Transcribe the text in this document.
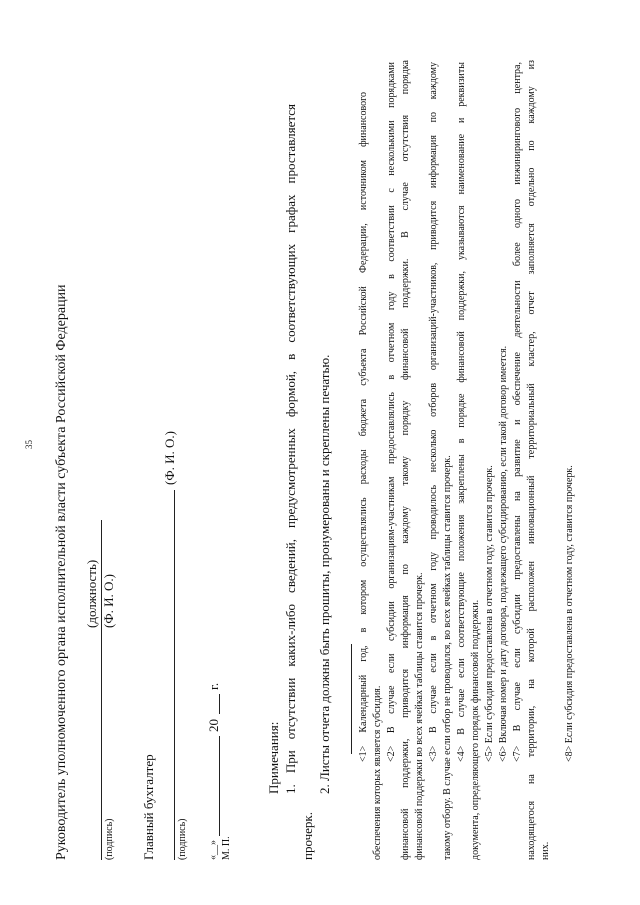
35 Руководитель уполномоченного органа исполнительной власти субъекта Российской Федерации (должность) (Ф. И. О.)
(подпись) Главный бухгалтер
(Ф. И. О.)
(подпись) «__»
20
г.
М. П.
Примечания: 1. При отсутствии каких-либо сведений, предусмотренных формой, в соответствующих графах проставляется
прочерк.
2. Листы отчета должны быть прошиты, пронумерованы и скреплены печатью.	<1> Календарный год, в котором осуществлялись расходы бюджета субъекта Российской Федерации, источником финансового
обеспечения которых является субсидия.
<2> В случае если субсидии организациям-участникам предоставлялись в отчетном году в соответствии с несколькими порядками финансовой поддержки, приводится информация по каждому такому порядку финансовой поддержки. В случае отсутствия порядка финансовой поддержки во всех ячейках таблицы ставится прочерк. <3> В случае если в отчетном году проводилось несколько отборов организаций-участников, приводится информация по каждому такому отбору. В случае если отбор не проводился, во всех ячейках таблицы ставится прочерк. <4> В случае если соответствующие положения закреплены в порядке финансовой поддержки, указываются наименование и реквизиты документа, определяющего порядок финансовой поддержки. <5> Если субсидия предоставлена в отчетном году, ставится прочерк. <6> Включая номер и дату договора, подлежащего субсидированию, если такой договор имеется. <7> В случае если субсидии предоставлены на развитие и обеспечение деятельности более одного инжинирингового центра, находящегося на территории, на которой расположен инновационный территориальный кластер, отчет заполняется отдельно по каждому из них.
<8> Если субсидия предоставлена в отчетном году, ставится прочерк.
